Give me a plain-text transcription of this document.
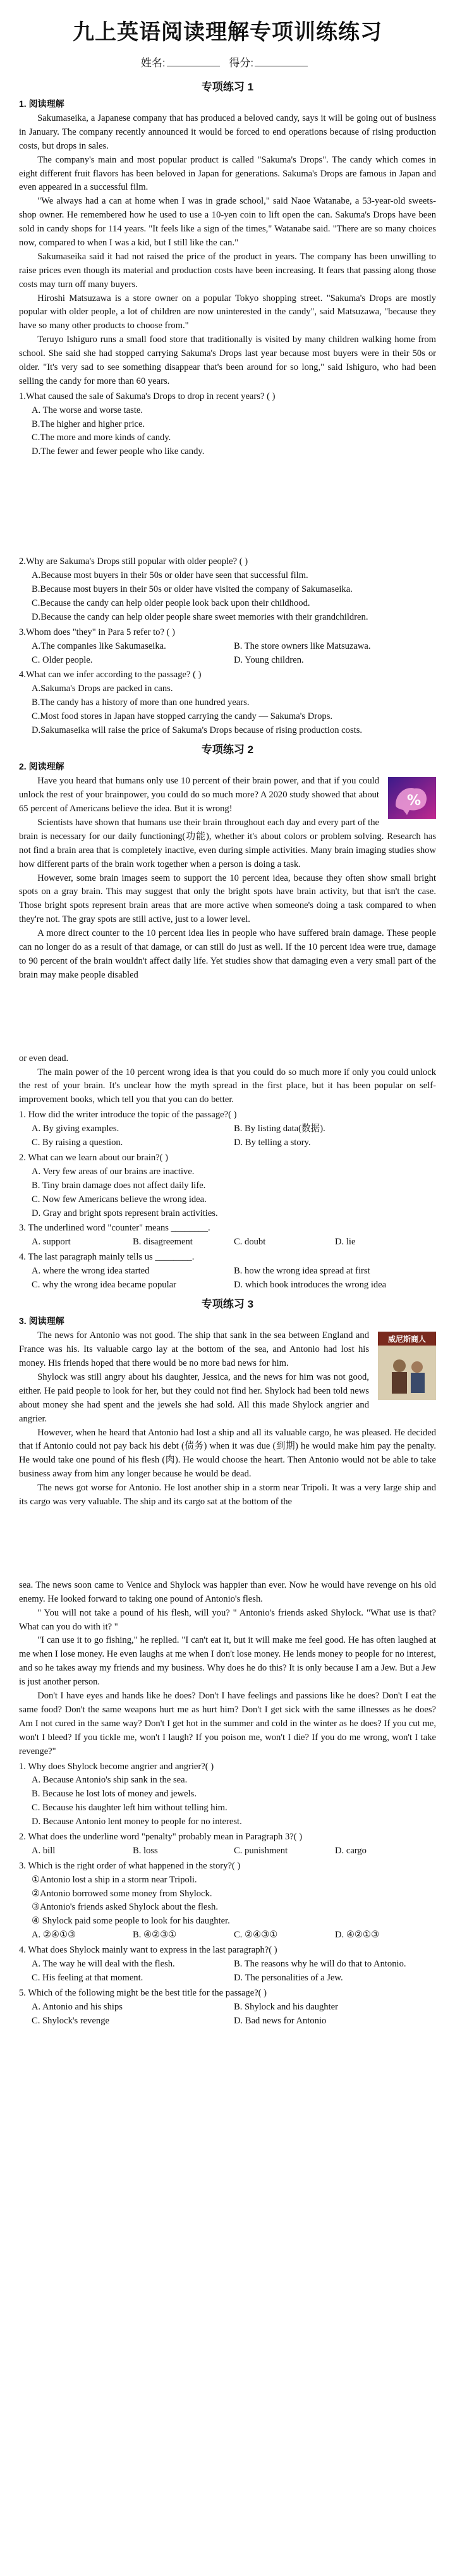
九上英语阅读理解专项训练练习
姓名:	得分:
专项练习 1
1. 阅读理解

Sakumaseika, a Japanese company that has produced a beloved candy, says it will be going out of business in January. The company recently announced it would be forced to end operations because of rising production costs, but drops in sales.

The company's main and most popular product is called "Sakuma's Drops". The candy which comes in eight different fruit flavors has been beloved in Japan for generations. Sakuma's Drops are famous in Japan and even appeared in a successful film.

"We always had a can at home when I was in grade school," said Naoe Watanabe, a 53-year-old sweets-shop owner. He remembered how he used to use a 10-yen coin to lift open the can. Sakuma's Drops have been sold in candy shops for 114 years. "It feels like a sign of the times," Watanabe said. "There are so many choices now, compared to when I was a kid, but I still like the can."

Sakumaseika said it had not raised the price of the product in years. The company has been unwilling to raise prices even though its material and production costs have been increasing. It fears that passing along those costs may turn off many buyers.

Hiroshi Matsuzawa is a store owner on a popular Tokyo shopping street. "Sakuma's Drops are mostly popular with older people, a lot of children are now uninterested in the candy", said Matsuzawa, "because they have so many other products to choose from."

Teruyo Ishiguro runs a small food store that traditionally is visited by many children walking home from school. She said she had stopped carrying Sakuma's Drops last year because most buyers were in their 50s or older. "It's very sad to see something disappear that's been around for so long," said Ishiguro, who had been selling the candy for more than 60 years.

1.What caused the sale of Sakuma's Drops to drop in recent years? ( )
A. The worse and worse taste.
B.The higher and higher price.
C.The more and more kinds of candy.
D.The fewer and fewer people who like candy.
2.Why are Sakuma's Drops still popular with older people? ( )
A.Because most buyers in their 50s or older have seen that successful film.
B.Because most buyers in their 50s or older have visited the company of Sakumaseika.
C.Because the candy can help older people look back upon their childhood.
D.Because the candy can help older people share sweet memories with their grandchildren.
3.Whom does "they" in Para 5 refer to? ( )
A.The companies like Sakumaseika.	B. The store owners like Matsuzawa.
C. Older people.	D. Young children.
4.What can we infer according to the passage? ( )
A.Sakuma's Drops are packed in cans.
B.The candy has a history of more than one hundred years.
C.Most food stores in Japan have stopped carrying the candy — Sakuma's Drops.
D.Sakumaseika will raise the price of Sakuma's Drops because of rising production costs.
专项练习 2
2. 阅读理解
%

Have you heard that humans only use 10 percent of their brain power, and that if you could unlock the rest of your brainpower, you could do so much more? A 2020 study showed that about 65 percent of Americans believe the idea. But it is wrong!

Scientists have shown that humans use their brain throughout each day and every part of the brain is necessary for our daily functioning(功能), whether it's about colors or problem solving. Research has not find a brain area that is completely inactive, even during simple activities. Many brain imaging studies show how different parts of the brain work together when a person is doing a task.

However, some brain images seem to support the 10 percent idea, because they often show small bright spots on a gray brain. This may suggest that only the bright spots have brain activity, but that isn't the case. Those bright spots represent brain areas that are more active when someone's doing a task compared to when they're not. The gray spots are still active, just to a lower level.

A more direct counter to the 10 percent idea lies in people who have suffered brain damage. These people can no longer do as a result of that damage, or can still do just as well. If the 10 percent idea were true, damage to 90 percent of the brain wouldn't affect daily life. Yet studies show that damaging even a very small part of the brain may make people disabled

or even dead.

The main power of the 10 percent wrong idea is that you could do so much more if only you could unlock the rest of your brain. It's unclear how the myth spread in the first place, but it has been popular on self-improvement books, which tell you that you can do better.

1. How did the writer introduce the topic of the passage?( )
A. By giving examples.	B. By listing data(数据).
C. By raising a question.	D. By telling a story.
2. What can we learn about our brain?( )
A. Very few areas of our brains are inactive.
B. Tiny brain damage does not affect daily life.
C. Now few Americans believe the wrong idea.
D. Gray and bright spots represent brain activities.
3. The underlined word "counter" means ________.
A. support	B. disagreement	C. doubt	D. lie
4. The last paragraph mainly tells us ________.
A. where the wrong idea started	B. how the wrong idea spread at first
C. why the wrong idea became popular	D. which book introduces the wrong idea
专项练习 3
3. 阅读理解
威尼斯商人

The news for Antonio was not good. The ship that sank in the sea between England and France was his. Its valuable cargo lay at the bottom of the sea, and Antonio had lost his money. His friends hoped that there would be no more bad news for him.

Shylock was still angry about his daughter, Jessica, and the news for him was not good, either. He paid people to look for her, but they could not find her. Shylock had been told news about money she had spent and the jewels she had sold. All this made Shylock angrier and angrier.

However, when he heard that Antonio had lost a ship and all its valuable cargo, he was pleased. He decided that if Antonio could not pay back his debt (债务) when it was due (到期) he would make him pay the penalty. He would take one pound of his flesh (肉). He would choose the heart. Then Antonio would not be able to take business away from him any longer because he would be dead.

The news got worse for Antonio. He lost another ship in a storm near Tripoli. It was a very large ship and its cargo was very valuable. The ship and its cargo sat at the bottom of the

sea. The news soon came to Venice and Shylock was happier than ever. Now he would have revenge on his old enemy. He looked forward to taking one pound of Antonio's flesh.

" You will not take a pound of his flesh, will you? " Antonio's friends asked Shylock. "What use is that? What can you do with it? "

"I can use it to go fishing," he replied. "I can't eat it, but it will make me feel good. He has often laughed at me when I lose money. He even laughs at me when I don't lose money. He lends money to people for no interest, and so he takes away my friends and my business. Why does he do this? It is only because I am a Jew. But a Jew is just another person.

Don't I have eyes and hands like he does? Don't I have feelings and passions like he does? Don't I eat the same food? Don't the same weapons hurt me as hurt him? Don't I get sick with the same illnesses as he does? Am I not cured in the same way? Don't I get hot in the summer and cold in the winter as he does? If you cut me, won't I bleed? If you tickle me, won't I laugh? If you poison me, won't I die? If you do me wrong, won't I take revenge?"

1. Why does Shylock become angrier and angrier?( )
A. Because Antonio's ship sank in the sea.
B. Because he lost lots of money and jewels.
C. Because his daughter left him without telling him.
D. Because Antonio lent money to people for no interest.
2. What does the underline word "penalty" probably mean in Paragraph 3?( )
A. bill	B. loss	C. punishment	D. cargo
3. Which is the right order of what happened in the story?( )
①Antonio lost a ship in a storm near Tripoli.
②Antonio borrowed some money from Shylock.
③Antonio's friends asked Shylock about the flesh.
④ Shylock paid some people to look for his daughter.
A. ②④①③	B. ④②③①	C. ②④③①	D. ④②①③
4. What does Shylock mainly want to express in the last paragraph?( )
A. The way he will deal with the flesh.	B. The reasons why he will do that to Antonio.
C. His feeling at that moment.	D. The personalities of a Jew.
5. Which of the following might be the best title for the passage?( )
A. Antonio and his ships	B. Shylock and his daughter
C. Shylock's revenge	D. Bad news for Antonio
